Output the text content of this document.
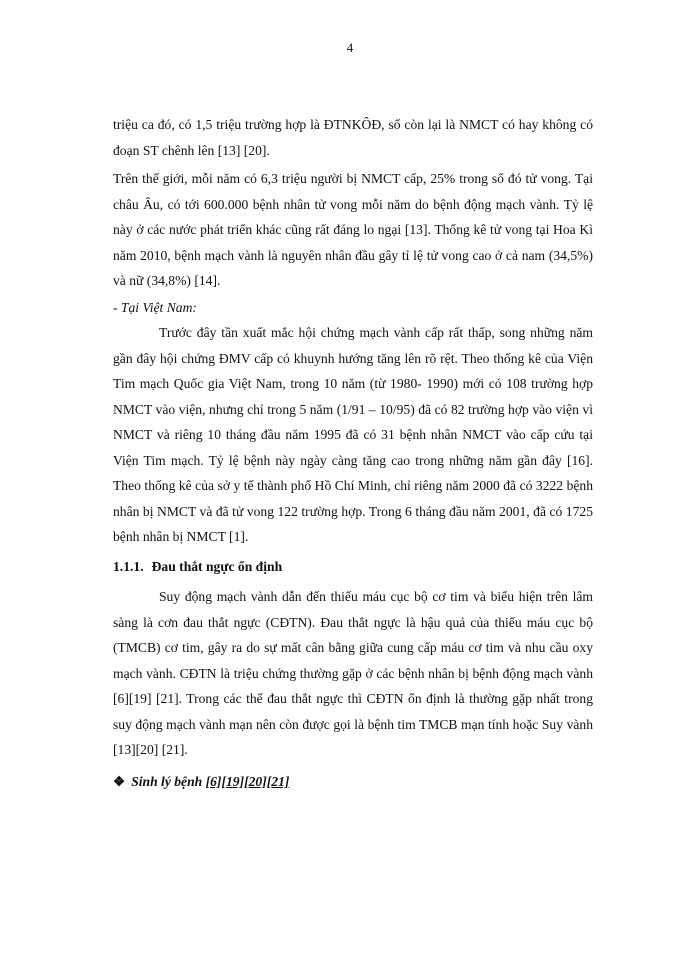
4

triệu ca đó, có 1,5 triệu trường hợp là ĐTNKÔĐ, số còn lại là NMCT có hay không có đoạn ST chênh lên [13] [20].

Trên thế giới, mỗi năm có 6,3 triệu người bị NMCT cấp, 25% trong số đó tử vong. Tại châu Âu, có tới 600.000 bệnh nhân tử vong mỗi năm do bệnh động mạch vành. Tỷ lệ này ở các nước phát triển khác cũng rất đáng lo ngại [13]. Thống kê tử vong tại Hoa Kì năm 2010, bệnh mạch vành là nguyên nhân đầu gây tỉ lệ tử vong cao ở cả nam (34,5%) và nữ (34,8%) [14].

- Tại Việt Nam:

Trước đây tần xuất mắc hội chứng mạch vành cấp rất thấp, song những năm gần đây hội chứng ĐMV cấp có khuynh hướng tăng lên rõ rệt. Theo thống kê của Viện Tim mạch Quốc gia Việt Nam, trong 10 năm (từ 1980- 1990) mới có 108 trường hợp NMCT vào viện, nhưng chỉ trong 5 năm (1/91 – 10/95) đã có 82 trường hợp vào viện vì NMCT và riêng 10 tháng đầu năm 1995 đã có 31 bệnh nhân NMCT vào cấp cứu tại Viện Tim mạch. Tỷ lệ bệnh này ngày càng tăng cao trong những năm gần đây [16]. Theo thống kê của sở y tế thành phố Hồ Chí Minh, chỉ riêng năm 2000 đã có 3222 bệnh nhân bị NMCT và đã tử vong 122 trường hợp. Trong 6 tháng đầu năm 2001, đã có 1725 bệnh nhân bị NMCT [1].

1.1.1. Đau thắt ngực ổn định

Suy động mạch vành dẫn đến thiếu máu cục bộ cơ tim và biểu hiện trên lâm sàng là cơn đau thắt ngực (CĐTN). Đau thắt ngực là hậu quả của thiếu máu cục bộ (TMCB) cơ tim, gây ra do sự mất cân bằng giữa cung cấp máu cơ tim và nhu cầu oxy mạch vành. CĐTN là triệu chứng thường gặp ở các bệnh nhân bị bệnh động mạch vành [6][19] [21]. Trong các thể đau thắt ngực thì CĐTN ổn định là thường gặp nhất trong suy động mạch vành mạn nên còn được gọi là bệnh tim TMCB mạn tính hoặc Suy vành [13][20] [21].

❖ Sinh lý bệnh [6][19][20][21]
